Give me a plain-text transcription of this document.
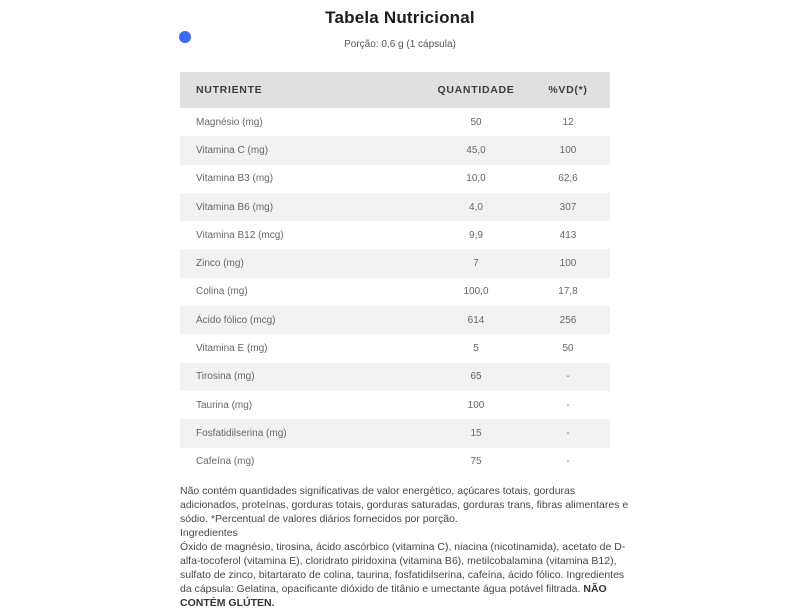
Tabela Nutricional

Porção: 0,6 g (1 cápsula)

NUTRIENTE	QUANTIDADE	%VD(*)
Magnésio (mg)	50	12
Vitamina C (mg)	45,0	100
Vitamina B3 (mg)	10,0	62,6
Vitamina B6 (mg)	4,0	307
Vitamina B12 (mcg)	9,9	413
Zinco (mg)	7	100
Colina (mg)	100,0	17,8
Ácido fólico (mcg)	614	256
Vitamina E (mg)	5	50
Tirosina (mg)	65	-
Taurina (mg)	100	-
Fosfatidilserina (mg)	15	-
Cafeína (mg)	75	-

Não contém quantidades significativas de valor energético, açúcares totais, gorduras adicionados, proteínas, gorduras totais, gorduras saturadas, gorduras trans, fibras alimentares e sódio. *Percentual de valores diários fornecidos por porção.

Ingredientes

Óxido de magnésio, tirosina, ácido ascórbico (vitamina C), niacina (nicotinamida), acetato de D-alfa-tocoferol (vitamina E), cloridrato piridoxina (vitamina B6), metilcobalamina (vitamina B12), sulfato de zinco, bitartarato de colina, taurina, fosfatidilserina, cafeína, ácido fólico. Ingredientes da cápsula: Gelatina, opacificante dióxido de titânio e umectante água potável filtrada. NÃO CONTÉM GLÚTEN.
